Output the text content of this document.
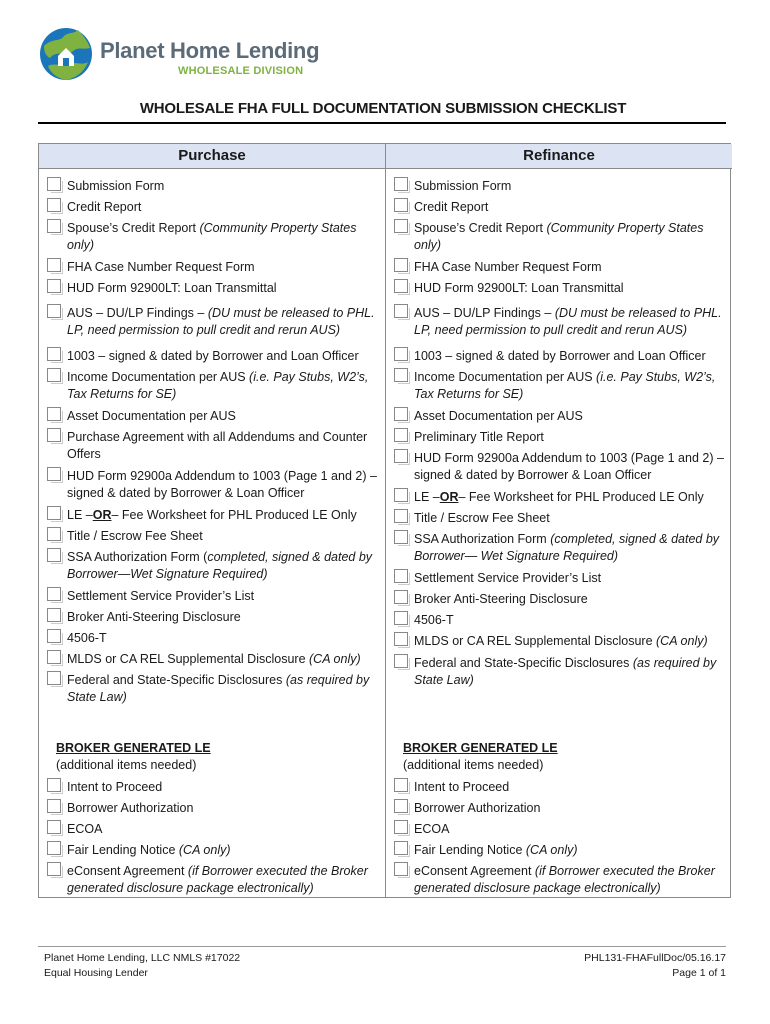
Planet Home Lending
WHOLESALE DIVISION
WHOLESALE FHA FULL DOCUMENTATION SUBMISSION CHECKLIST
Purchase
Submission Form
Credit Report
Spouse’s Credit Report (Community Property States only)
FHA Case Number Request Form
HUD Form 92900LT: Loan Transmittal
AUS – DU/LP Findings – (DU must be released to PHL. LP, need permission to pull credit and rerun AUS)
1003 – signed & dated by Borrower and Loan Officer
Income Documentation per AUS (i.e. Pay Stubs, W2’s, Tax Returns for SE)
Asset Documentation per AUS
Purchase Agreement with all Addendums and Counter Offers
HUD Form 92900a Addendum to 1003 (Page 1 and 2) – signed & dated by Borrower & Loan Officer
LE –OR– Fee Worksheet for PHL Produced LE Only
Title / Escrow Fee Sheet
SSA Authorization Form (completed, signed & dated by Borrower—Wet Signature Required)
Settlement Service Provider’s List
Broker Anti-Steering Disclosure
4506-T
MLDS or CA REL Supplemental Disclosure (CA only)
Federal and State-Specific Disclosures (as required by State Law)
BROKER GENERATED LE
(additional items needed)
Intent to Proceed
Borrower Authorization
ECOA
Fair Lending Notice (CA only)
eConsent Agreement (if Borrower executed the Broker generated disclosure package electronically)
Refinance
Submission Form
Credit Report
Spouse’s Credit Report (Community Property States only)
FHA Case Number Request Form
HUD Form 92900LT: Loan Transmittal
AUS – DU/LP Findings – (DU must be released to PHL. LP, need permission to pull credit and rerun AUS)
1003 – signed & dated by Borrower and Loan Officer
Income Documentation per AUS (i.e. Pay Stubs, W2’s, Tax Returns for SE)
Asset Documentation per AUS
Preliminary Title Report
HUD Form 92900a Addendum to 1003 (Page 1 and 2) – signed & dated by Borrower & Loan Officer
LE –OR– Fee Worksheet for PHL Produced LE Only
Title / Escrow Fee Sheet
SSA Authorization Form (completed, signed & dated by Borrower— Wet Signature Required)
Settlement Service Provider’s List
Broker Anti-Steering Disclosure
4506-T
MLDS or CA REL Supplemental Disclosure (CA only)
Federal and State-Specific Disclosures (as required by State Law)
BROKER GENERATED LE
(additional items needed)
Intent to Proceed
Borrower Authorization
ECOA
Fair Lending Notice (CA only)
eConsent Agreement (if Borrower executed the Broker generated disclosure package electronically)
Planet Home Lending, LLC NMLS #17022
Equal Housing Lender
PHL131-FHAFullDoc/05.16.17
Page 1 of 1
